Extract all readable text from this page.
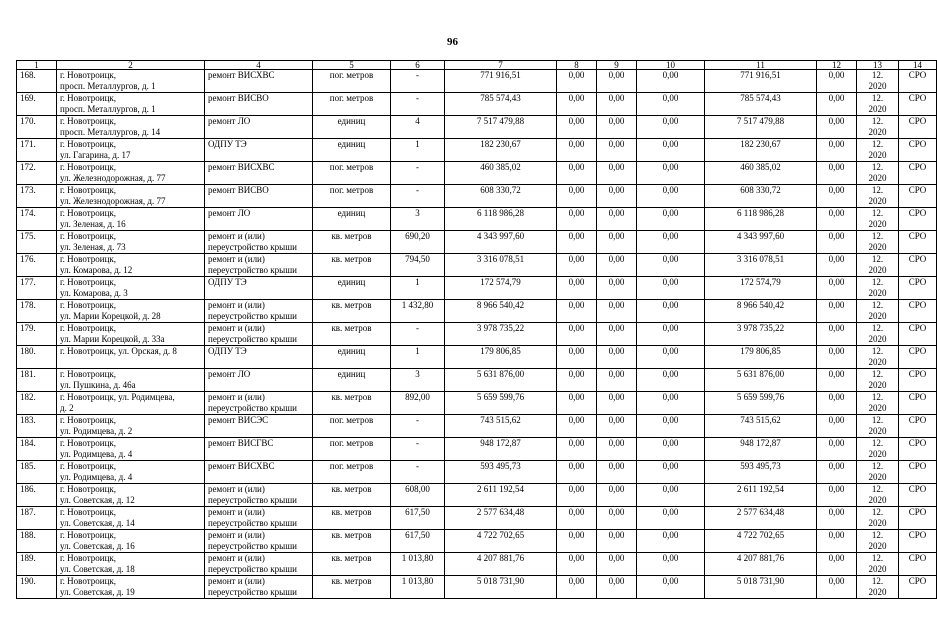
96
1	2	4	5	6	7	8	9	10	11	12	13	14

168.	г. Новотроицк,
просп. Металлургов, д. 1	ремонт ВИСХВС	пог. метров	-	771 916,51	0,00	0,00	0,00	771 916,51	0,00	12.
2020	СРО

169.	г. Новотроицк,
просп. Металлургов, д. 1	ремонт ВИСВО	пог. метров	-	785 574,43	0,00	0,00	0,00	785 574,43	0,00	12.
2020	СРО

170.	г. Новотроицк,
просп. Металлургов, д. 14	ремонт ЛО	единиц	4	7 517 479,88	0,00	0,00	0,00	7 517 479,88	0,00	12.
2020	СРО

171.	г. Новотроицк,
ул. Гагарина, д. 17	ОДПУ ТЭ	единиц	1	182 230,67	0,00	0,00	0,00	182 230,67	0,00	12.
2020	СРО

172.	г. Новотроицк,
ул. Железнодорожная, д. 77	ремонт ВИСХВС	пог. метров	-	460 385,02	0,00	0,00	0,00	460 385,02	0,00	12.
2020	СРО

173.	г. Новотроицк,
ул. Железнодорожная, д. 77	ремонт ВИСВО	пог. метров	-	608 330,72	0,00	0,00	0,00	608 330,72	0,00	12.
2020	СРО

174.	г. Новотроицк,
ул. Зеленая, д. 16	ремонт ЛО	единиц	3	6 118 986,28	0,00	0,00	0,00	6 118 986,28	0,00	12.
2020	СРО

175.	г. Новотроицк,
ул. Зеленая, д. 73	ремонт и (или)
переустройство крыши	кв. метров	690,20	4 343 997,60	0,00	0,00	0,00	4 343 997,60	0,00	12.
2020	СРО

176.	г. Новотроицк,
ул. Комарова, д. 12	ремонт и (или)
переустройство крыши	кв. метров	794,50	3 316 078,51	0,00	0,00	0,00	3 316 078,51	0,00	12.
2020	СРО

177.	г. Новотроицк,
ул. Комарова, д. 3	ОДПУ ТЭ	единиц	1	172 574,79	0,00	0,00	0,00	172 574,79	0,00	12.
2020	СРО

178.	г. Новотроицк,
ул. Марии Корецкой, д. 28	ремонт и (или)
переустройство крыши	кв. метров	1 432,80	8 966 540,42	0,00	0,00	0,00	8 966 540,42	0,00	12.
2020	СРО

179.	г. Новотроицк,
ул. Марии Корецкой, д. 33а	ремонт и (или)
переустройство крыши	кв. метров	-	3 978 735,22	0,00	0,00	0,00	3 978 735,22	0,00	12.
2020	СРО

180.	г. Новотроицк, ул. Орская, д. 8	ОДПУ ТЭ	единиц	1	179 806,85	0,00	0,00	0,00	179 806,85	0,00	12.
2020	СРО

181.	г. Новотроицк,
ул. Пушкина, д. 46а	ремонт ЛО	единиц	3	5 631 876,00	0,00	0,00	0,00	5 631 876,00	0,00	12.
2020	СРО

182.	г. Новотроицк, ул. Родимцева,
д. 2	ремонт и (или)
переустройство крыши	кв. метров	892,00	5 659 599,76	0,00	0,00	0,00	5 659 599,76	0,00	12.
2020	СРО

183.	г. Новотроицк,
ул. Родимцева, д. 2	ремонт ВИСЭС	пог. метров	-	743 515,62	0,00	0,00	0,00	743 515,62	0,00	12.
2020	СРО

184.	г. Новотроицк,
ул. Родимцева, д. 4	ремонт ВИСГВС	пог. метров	-	948 172,87	0,00	0,00	0,00	948 172,87	0,00	12.
2020	СРО

185.	г. Новотроицк,
ул. Родимцева, д. 4	ремонт ВИСХВС	пог. метров	-	593 495,73	0,00	0,00	0,00	593 495,73	0,00	12.
2020	СРО

186.	г. Новотроицк,
ул. Советская, д. 12	ремонт и (или)
переустройство крыши	кв. метров	608,00	2 611 192,54	0,00	0,00	0,00	2 611 192,54	0,00	12.
2020	СРО

187.	г. Новотроицк,
ул. Советская, д. 14	ремонт и (или)
переустройство крыши	кв. метров	617,50	2 577 634,48	0,00	0,00	0,00	2 577 634,48	0,00	12.
2020	СРО

188.	г. Новотроицк,
ул. Советская, д. 16	ремонт и (или)
переустройство крыши	кв. метров	617,50	4 722 702,65	0,00	0,00	0,00	4 722 702,65	0,00	12.
2020	СРО

189.	г. Новотроицк,
ул. Советская, д. 18	ремонт и (или)
переустройство крыши	кв. метров	1 013,80	4 207 881,76	0,00	0,00	0,00	4 207 881,76	0,00	12.
2020	СРО

190.	г. Новотроицк,
ул. Советская, д. 19	ремонт и (или)
переустройство крыши	кв. метров	1 013,80	5 018 731,90	0,00	0,00	0,00	5 018 731,90	0,00	12.
2020	СРО
